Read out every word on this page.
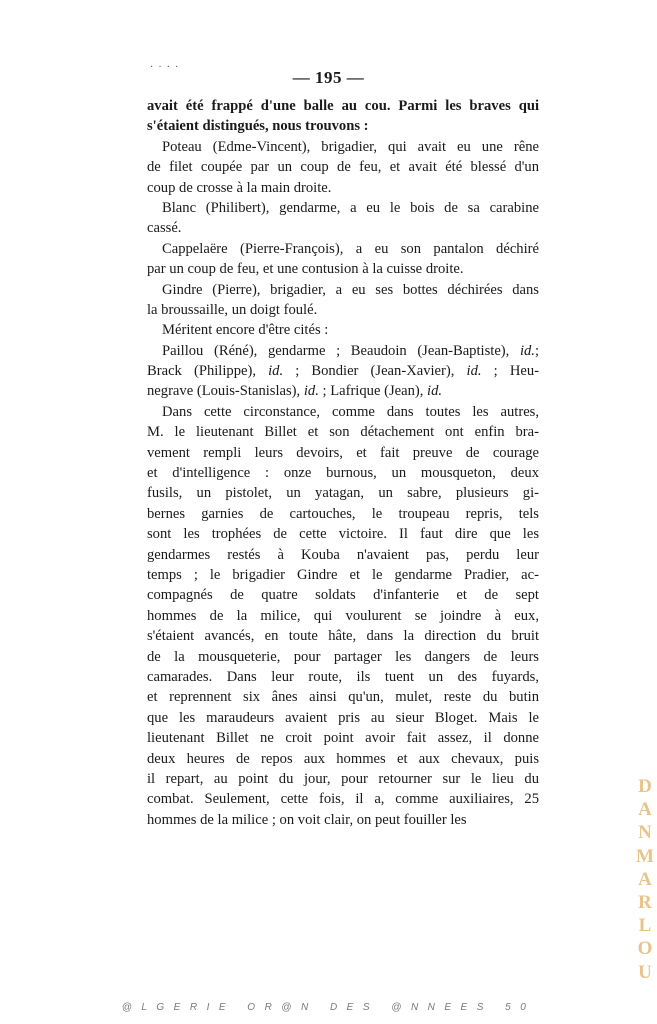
— 195 —
avait été frappé d'une balle au cou. Parmi les braves qui
s'étaient distingués, nous trouvons :
Poteau (Edme-Vincent), brigadier, qui avait eu une rêne
de filet coupée par un coup de feu, et avait été blessé d'un
coup de crosse à la main droite.
Blanc (Philibert), gendarme, a eu le bois de sa carabine
cassé.
Cappelaëre (Pierre-François), a eu son pantalon déchiré
par un coup de feu, et une contusion à la cuisse droite.
Gindre (Pierre), brigadier, a eu ses bottes déchirées dans
la broussaille, un doigt foulé.
Méritent encore d'être cités :
Paillou (Réné), gendarme ; Beaudoin (Jean-Baptiste), id.;
Brack (Philippe), id. ; Bondier (Jean-Xavier), id. ; Heu-
negrave (Louis-Stanislas), id. ; Lafrique (Jean), id.
Dans cette circonstance, comme dans toutes les autres,
M. le lieutenant Billet et son détachement ont enfin bra-
vement rempli leurs devoirs, et fait preuve de courage
et d'intelligence : onze burnous, un mousqueton, deux
fusils, un pistolet, un yatagan, un sabre, plusieurs gi-
bernes garnies de cartouches, le troupeau repris, tels
sont les trophées de cette victoire. Il faut dire que les
gendarmes restés à Kouba n'avaient pas, perdu leur
temps ; le brigadier Gindre et le gendarme Pradier, ac-
compagnés de quatre soldats d'infanterie et de sept
hommes de la milice, qui voulurent se joindre à eux,
s'étaient avancés, en toute hâte, dans la direction du bruit
de la mousqueterie, pour partager les dangers de leurs
camarades. Dans leur route, ils tuent un des fuyards,
et reprennent six ânes ainsi qu'un, mulet, reste du butin
que les maraudeurs avaient pris au sieur Bloget. Mais le
lieutenant Billet ne croit point avoir fait assez, il donne
deux heures de repos aux hommes et aux chevaux, puis
il repart, au point du jour, pour retourner sur le lieu du
combat. Seulement, cette fois, il a, comme auxiliaires, 25
hommes de la milice ; on voit clair, on peut fouiller les
D
A
N
M
A
R
L
O
U
@LGERIE OR@N DES @NNEES 50
·  ·  ·  ·
